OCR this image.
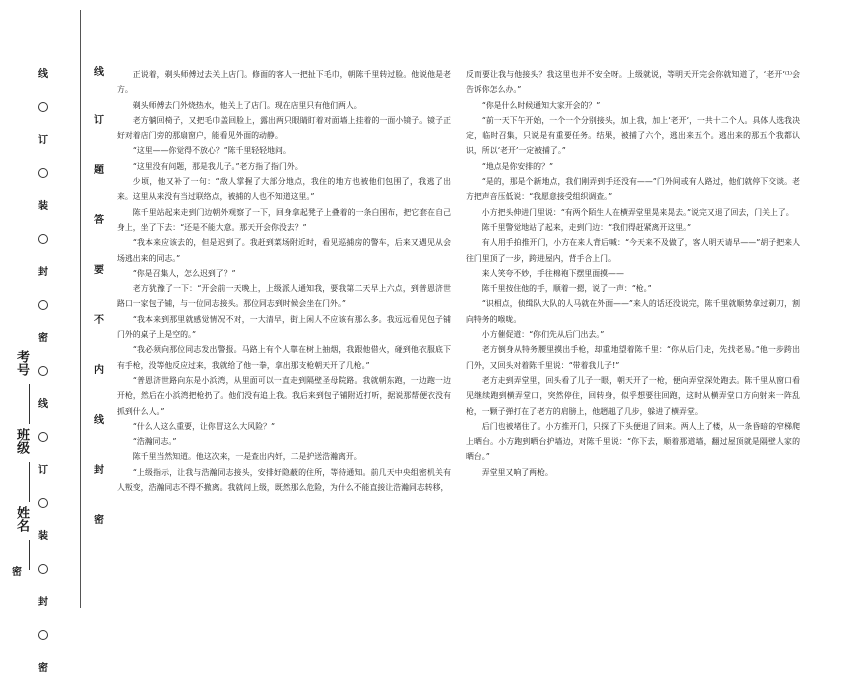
密
线
订
题
答
要
不
内
线
封
密
线
订
装
封
密
线
订
装
封
密
考号
班级
姓名

正说着，剃头师傅过去关上店门。修面的客人一把扯下毛巾，朝陈千里转过脸。他说他是老方。

剃头师傅去门外烧热水，他关上了店门。现在店里只有他们两人。

老方躺回椅子，又把毛巾盖回脸上，露出两只眼睛盯着对面墙上挂着的一面小镜子。镜子正好对着店门旁的那扇窗户，能看见外面的动静。

“这里——你觉得不放心？”陈千里轻轻地问。

“这里没有问题，那是我儿子。”老方指了指门外。

少顷，他又补了一句：“敌人掌握了大部分地点，我住的地方也被他们包围了，我逃了出来。这里从来没有当过联络点，被捕的人也不知道这里。”

陈千里站起来走到门边朝外观察了一下，回身拿起凳子上叠着的一条白围布，把它套在自己身上，坐了下去：“还是不能大意。那天开会你没去？”

“我本来应该去的，但是迟到了。我赶到菜场附近时，看见巡捕房的警车，后来又遇见从会场逃出来的同志。”

“你是召集人，怎么迟到了？”

老方犹豫了一下：“开会前一天晚上，上级派人通知我，要我第二天早上六点，到普恩济世路口一家包子铺，与一位同志接头。那位同志到时候会坐在门外。”

“我本来到那里就感觉情况不对，一大清早，街上闲人不应该有那么多。我远远看见包子铺门外的桌子上是空的。”

“我必须向那位同志发出警报。马路上有个人靠在树上抽烟，我跟他借火，碰到他衣服底下有手枪，没等他反应过来，我就给了他一拳，拿出那支枪朝天开了几枪。”

“普恩济世路向东是小浜湾，从里面可以一直走到隔壁圣母院路。我就朝东跑，一边跑一边开枪，然后在小浜湾把枪扔了。他们没有追上我。我后来到包子铺附近打听，据说那帮便衣没有抓到什么人。”

“什么人这么重要，让你冒这么大风险？”

“浩瀚同志。”

陈千里当然知道。他这次来，一是查出内奸，二是护送浩瀚离开。

“上级指示，让我与浩瀚同志接头，安排好隐蔽的住所，等待通知。前几天中央组密机关有人叛变，浩瀚同志不得不撤离。我就问上级，既然那么危险，为什么不能直接让浩瀚同志转移，

反而要让我与他接头？我这里也并不安全呀。上级就说，等明天开完会你就知道了，‘老开’⁽¹⁾会告诉你怎么办。”

“你是什么时候通知大家开会的？”

“前一天下午开始，一个一个分别接头，加上我，加上‘老开’，一共十二个人。具体人选我决定，临时召集，只说是有重要任务。结果，被捕了六个，逃出来五个。逃出来的那五个我都认识，所以‘老开’一定被捕了。”

“地点是你安排的？”

“是的，那是个新地点，我们刚弄到手还没有——”门外间或有人路过，他们就停下交谈。老方把声音压低说：“我愿意接受组织调查。”

小方把头伸进门里说：“有两个陌生人在横弄堂里晃来晃去。”说完又退了回去，门关上了。

陈千里警觉地站了起来，走到门边：“我们得赶紧离开这里。”

有人用手拍推开门，小方在来人背后喊：“今天来不及做了，客人明天请早——”胡子把来人往门里顶了一步，跨进屋内，背手合上门。

来人笑夸不妙，手往棉袍下摆里面摸——

陈千里按住他的手，顺着一摁，说了一声：“枪。”

“识相点，侦缉队大队的人马就在外面——”来人的话还没说完，陈千里就顺势拿过剃刀，割向特务的喉咙。

小方催促道：“你们先从后门出去。”

老方倒身从特务腰里摸出手枪，却重地望着陈千里：“你从后门走，先找老易。”他一步跨出门外，又回头对着陈千里说：“带着我儿子!”

老方走到弄堂里，回头看了儿子一眼，朝天开了一枪，便向弄堂深处跑去。陈千里从窗口看见继续跑到横弄堂口，突然停住，回转身，似乎想要往回跑，这时从横弄堂口方向射来一阵乱枪，一颗子弹打在了老方的肩膀上，他趔趄了几步，躲进了横弄堂。

后门也被堵住了。小方推开门，只探了下头便退了回来。两人上了楼，从一条昏暗的窄梯爬上晒台。小方跑到晒台护墙边，对陈千里说：“你下去，顺着那道墙，翻过屋顶就是隔壁人家的晒台。”

弄堂里又响了两枪。
